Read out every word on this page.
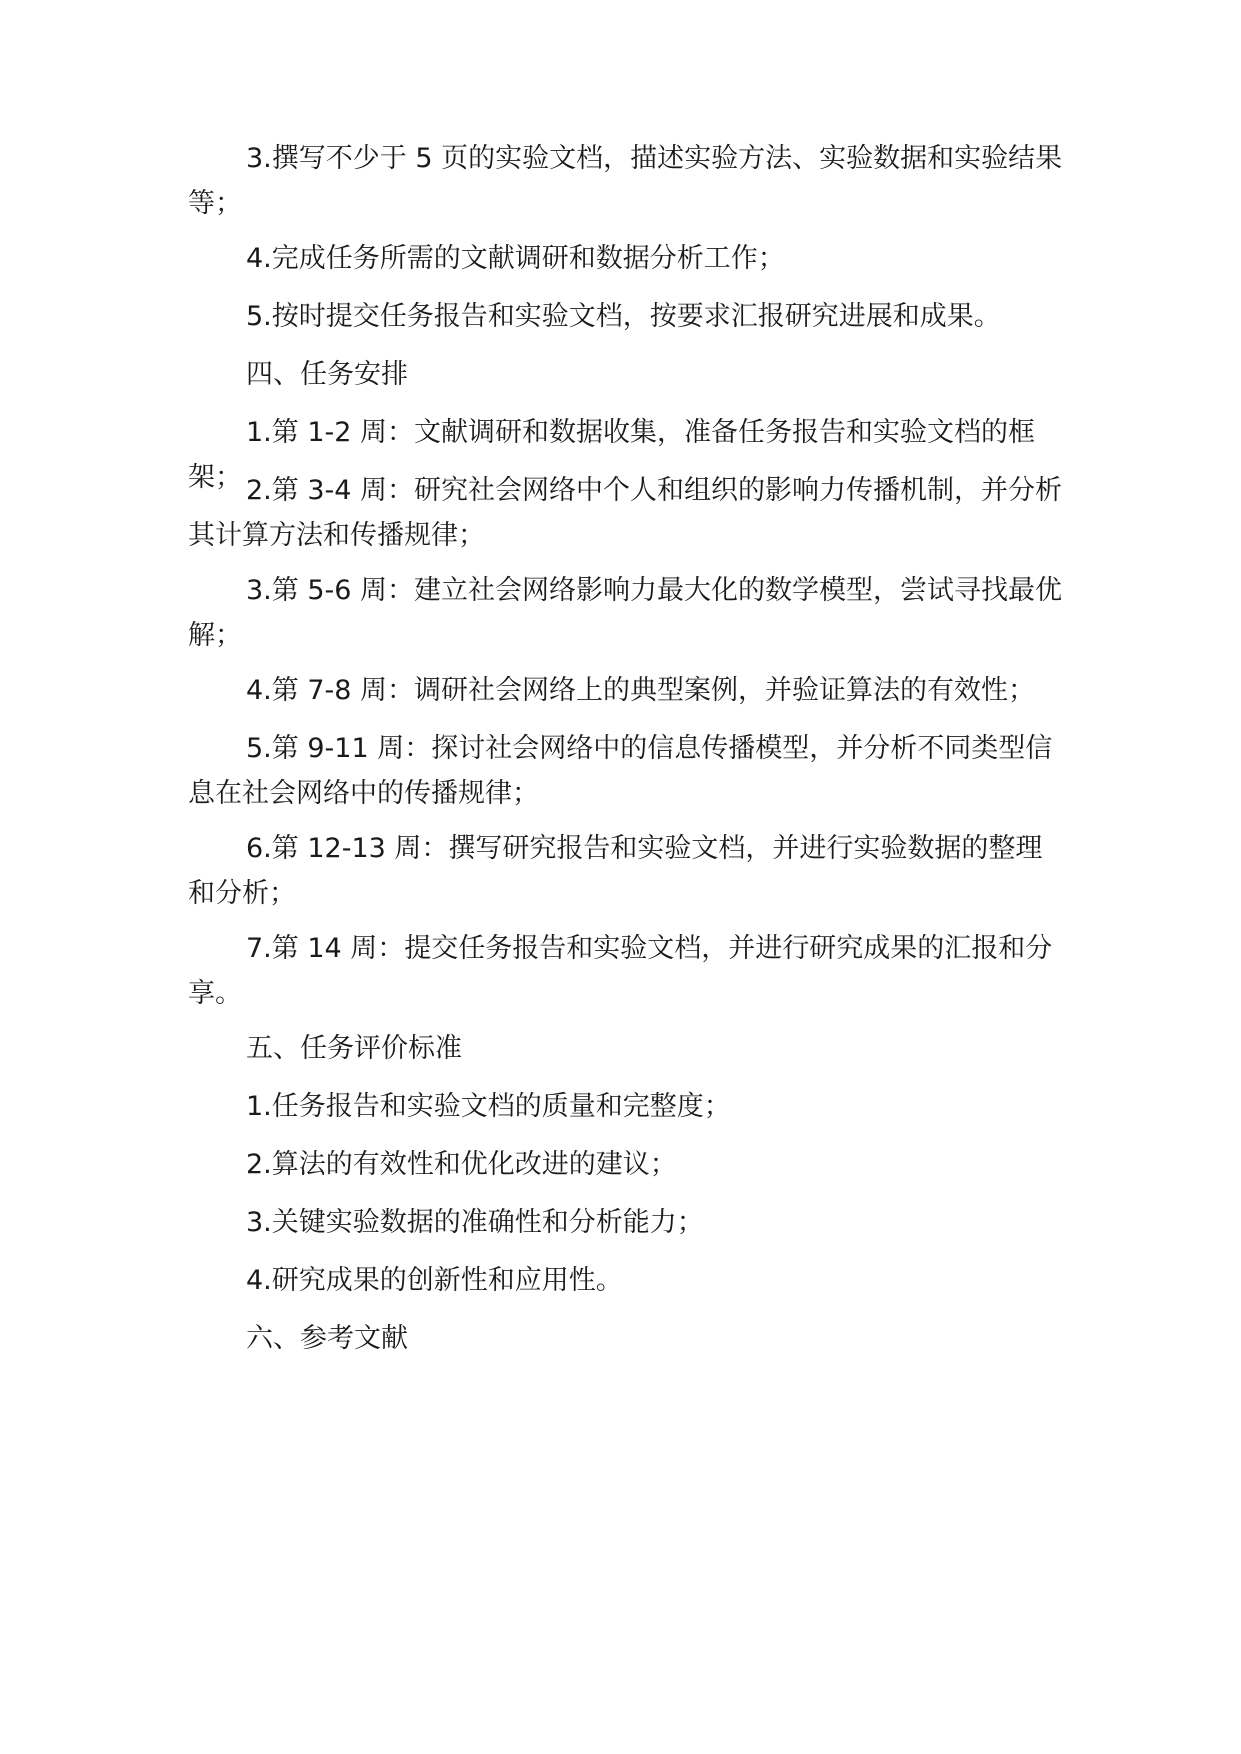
3.撰写不少于 5 页的实验文档，描述实验方法、实验数据和实验结果等；

4.完成任务所需的文献调研和数据分析工作；

5.按时提交任务报告和实验文档，按要求汇报研究进展和成果。

四、任务安排

1.第 1-2 周：文献调研和数据收集，准备任务报告和实验文档的框架； 2.第 3-4 周：研究社会网络中个人和组织的影响力传播机制，并分析其计算方法和传播规律；

3.第 5-6 周：建立社会网络影响力最大化的数学模型，尝试寻找最优解；

4.第 7-8 周：调研社会网络上的典型案例，并验证算法的有效性；

5.第 9-11 周：探讨社会网络中的信息传播模型，并分析不同类型信息在社会网络中的传播规律；

6.第 12-13 周：撰写研究报告和实验文档，并进行实验数据的整理和分析；

7.第 14 周：提交任务报告和实验文档，并进行研究成果的汇报和分享。

五、任务评价标准

1.任务报告和实验文档的质量和完整度；

2.算法的有效性和优化改进的建议；

3.关键实验数据的准确性和分析能力；

4.研究成果的创新性和应用性。

六、参考文献
